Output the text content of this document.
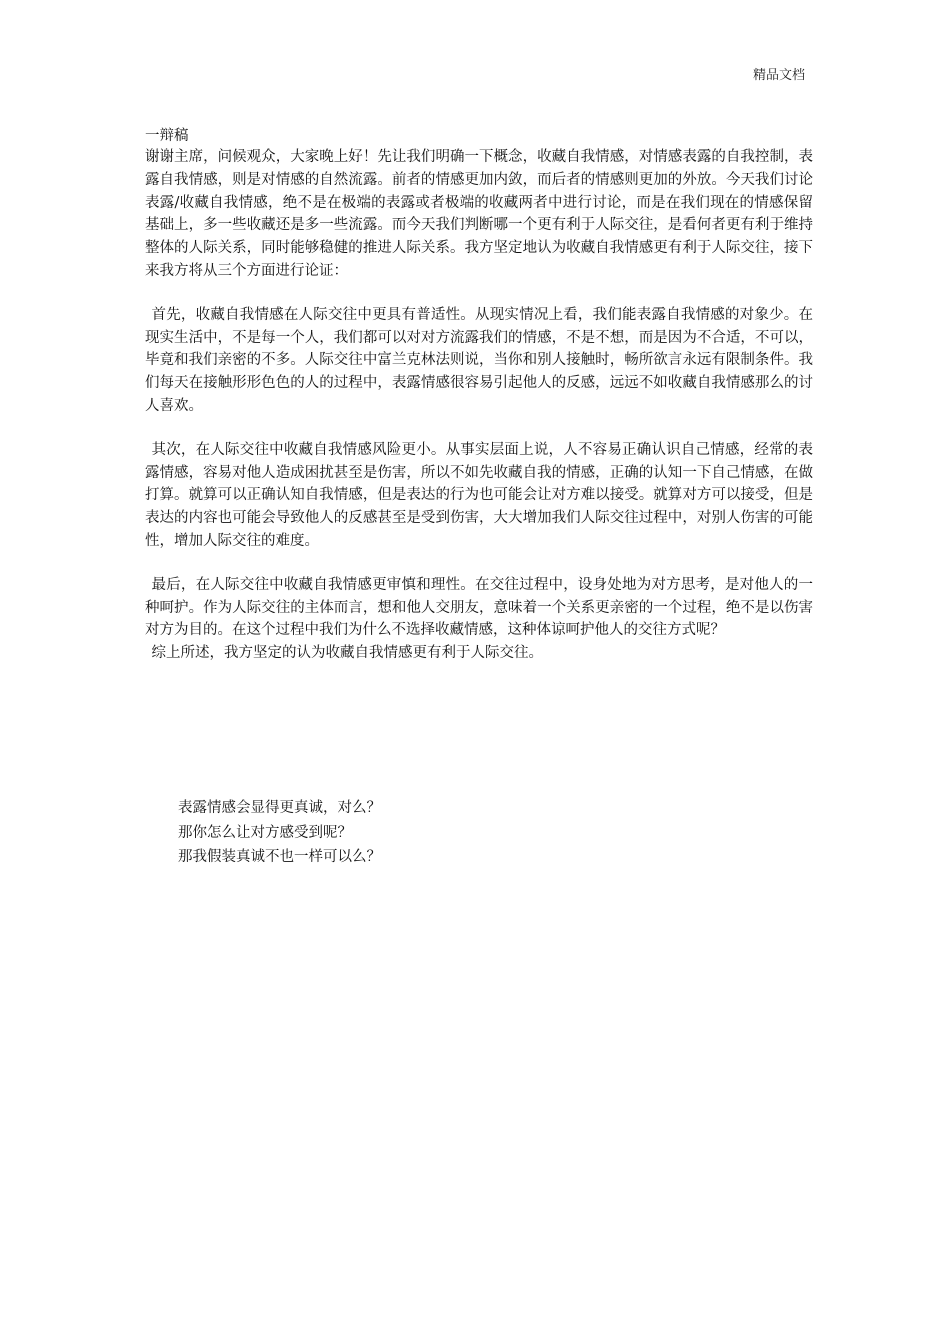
精品文档

一辩稿

谢谢主席，问候观众，大家晚上好！先让我们明确一下概念，收藏自我情感，对情感表露的自我控制，表露自我情感，则是对情感的自然流露。前者的情感更加内敛，而后者的情感则更加的外放。今天我们讨论表露/收藏自我情感，绝不是在极端的表露或者极端的收藏两者中进行讨论，而是在我们现在的情感保留基础上，多一些收藏还是多一些流露。而今天我们判断哪一个更有利于人际交往，是看何者更有利于维持整体的人际关系，同时能够稳健的推进人际关系。我方坚定地认为收藏自我情感更有利于人际交往，接下来我方将从三个方面进行论证：

首先，收藏自我情感在人际交往中更具有普适性。从现实情况上看，我们能表露自我情感的对象少。在现实生活中，不是每一个人，我们都可以对对方流露我们的情感，不是不想，而是因为不合适，不可以，毕竟和我们亲密的不多。人际交往中富兰克林法则说，当你和别人接触时，畅所欲言永远有限制条件。我们每天在接触形形色色的人的过程中，表露情感很容易引起他人的反感，远远不如收藏自我情感那么的讨人喜欢。

其次，在人际交往中收藏自我情感风险更小。从事实层面上说，人不容易正确认识自己情感，经常的表露情感，容易对他人造成困扰甚至是伤害，所以不如先收藏自我的情感，正确的认知一下自己情感，在做打算。就算可以正确认知自我情感，但是表达的行为也可能会让对方难以接受。就算对方可以接受，但是表达的内容也可能会导致他人的反感甚至是受到伤害，大大增加我们人际交往过程中，对别人伤害的可能性，增加人际交往的难度。

最后，在人际交往中收藏自我情感更审慎和理性。在交往过程中，设身处地为对方思考，是对他人的一种呵护。作为人际交往的主体而言，想和他人交朋友，意味着一个关系更亲密的一个过程，绝不是以伤害对方为目的。在这个过程中我们为什么不选择收藏情感，这种体谅呵护他人的交往方式呢？

综上所述，我方坚定的认为收藏自我情感更有利于人际交往。

表露情感会显得更真诚，对么？

那你怎么让对方感受到呢？

那我假装真诚不也一样可以么？
